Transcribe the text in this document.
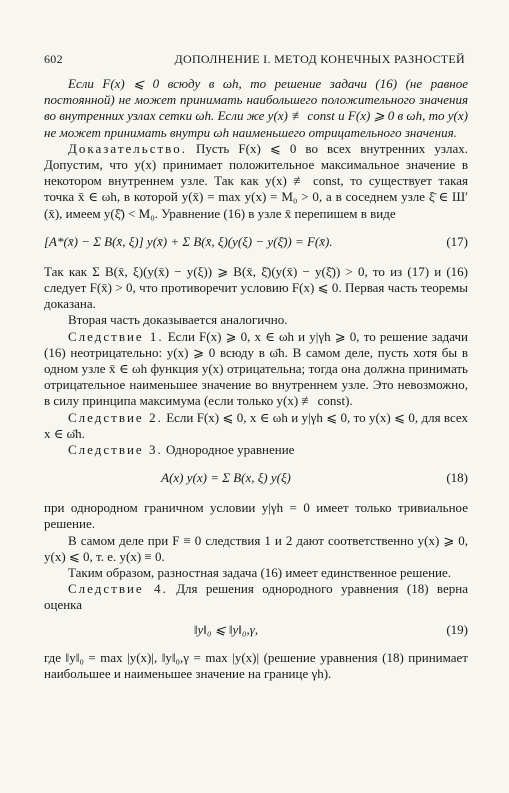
602	ДОПОЛНЕНИЕ I. МЕТОД КОНЕЧНЫХ РАЗНОСТЕЙ

Если F(x) ⩽ 0 всюду в ωh, то решение задачи (16) (не равное постоянной) не может принимать наибольшего положительного значения во внутренних узлах сетки ωh. Если же y(x) ≢ const и F(x) ⩾ 0 в ωh, то y(x) не может принимать внутри ωh наименьшего отрицательного значения.

Доказательство. Пусть F(x) ⩽ 0 во всех внутренних узлах. Допустим, что y(x) принимает положительное максимальное значение в некотором внутреннем узле. Так как y(x) ≢ const, то существует такая точка x̄ ∈ ωh, в которой y(x̄) = max y(x) = M₀ > 0, а в соседнем узле ξ̄ ∈ Ш′(x̄), имеем y(ξ̄) < M₀. Уравнение (16) в узле x̄ перепишем в виде

[A*(x̄) − Σ B(x̄, ξ)] y(x̄) + Σ B(x̄, ξ)(y(ξ) − y(ξ̄)) = F(x̄).	(17)

Так как Σ B(x̄, ξ)(y(x̄) − y(ξ)) ⩾ B(x̄, ξ̄)(y(x̄) − y(ξ̄)) > 0, то из (17) и (16) следует F(x̄) > 0, что противоречит условию F(x) ⩽ 0. Первая часть теоремы доказана.

Вторая часть доказывается аналогично.

Следствие 1. Если F(x) ⩾ 0, x ∈ ωh и y|γh ⩾ 0, то решение задачи (16) неотрицательно: y(x) ⩾ 0 всюду в ω̄h. В самом деле, пусть хотя бы в одном узле x̄ ∈ ωh функция y(x) отрицательна; тогда она должна принимать отрицательное наименьшее значение во внутреннем узле. Это невозможно, в силу принципа максимума (если только y(x) ≢ const).

Следствие 2. Если F(x) ⩽ 0, x ∈ ωh и y|γh ⩽ 0, то y(x) ⩽ 0, для всех x ∈ ω̄h.

Следствие 3. Однородное уравнение

A(x) y(x) = Σ B(x, ξ) y(ξ)	(18)

при однородном граничном условии y|γh = 0 имеет только тривиальное решение.

В самом деле при F ≡ 0 следствия 1 и 2 дают соответственно y(x) ⩾ 0, y(x) ⩽ 0, т. е. y(x) ≡ 0.

Таким образом, разностная задача (16) имеет единственное решение.

Следствие 4. Для решения однородного уравнения (18) верна оценка

‖y‖₀ ⩽ ‖y‖₀,γ,	(19)

где ‖y‖₀ = max |y(x)|, ‖y‖₀,γ = max |y(x)| (решение уравнения (18) принимает наибольшее и наименьшее значение на границе γh).
